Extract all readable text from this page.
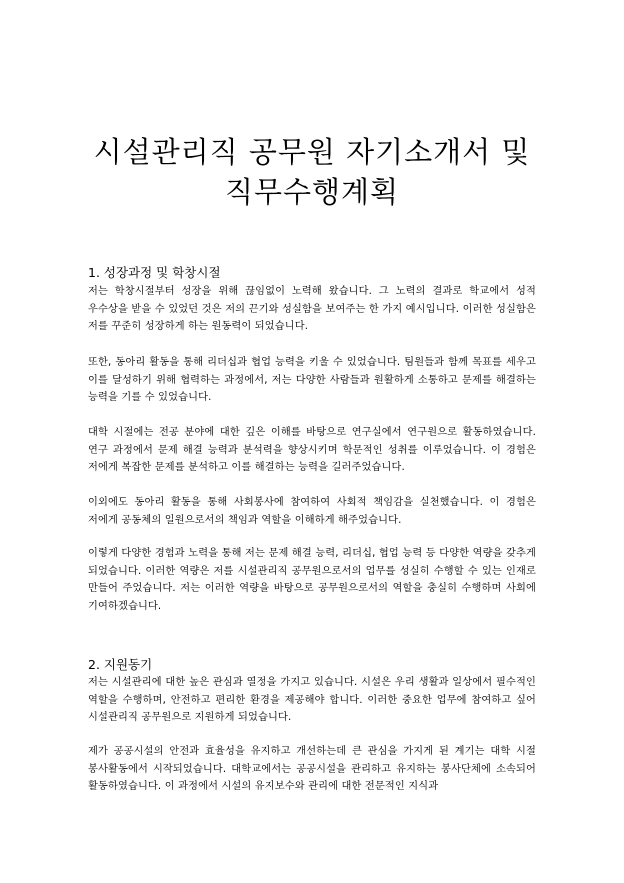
시설관리직 공무원 자기소개서 및
직무수행계획
1. 성장과정 및 학창시절

저는 학창시절부터 성장을 위해 끊임없이 노력해 왔습니다. 그 노력의 결과로 학교에서 성적 우수상을 받을 수 있었던 것은 저의 끈기와 성실함을 보여주는 한 가지 예시입니다. 이러한 성실함은 저를 꾸준히 성장하게 하는 원동력이 되었습니다.

또한, 동아리 활동을 통해 리더십과 협업 능력을 키울 수 있었습니다. 팀원들과 함께 목표를 세우고 이를 달성하기 위해 협력하는 과정에서, 저는 다양한 사람들과 원활하게 소통하고 문제를 해결하는 능력을 기를 수 있었습니다.

대학 시절에는 전공 분야에 대한 깊은 이해를 바탕으로 연구실에서 연구원으로 활동하였습니다. 연구 과정에서 문제 해결 능력과 분석력을 향상시키며 학문적인 성취를 이루었습니다. 이 경험은 저에게 복잡한 문제를 분석하고 이를 해결하는 능력을 길러주었습니다.

이외에도 동아리 활동을 통해 사회봉사에 참여하여 사회적 책임감을 실천했습니다. 이 경험은 저에게 공동체의 일원으로서의 책임과 역할을 이해하게 해주었습니다.

이렇게 다양한 경험과 노력을 통해 저는 문제 해결 능력, 리더십, 협업 능력 등 다양한 역량을 갖추게 되었습니다. 이러한 역량은 저를 시설관리직 공무원으로서의 업무를 성실히 수행할 수 있는 인재로 만들어 주었습니다. 저는 이러한 역량을 바탕으로 공무원으로서의 역할을 충실히 수행하며 사회에 기여하겠습니다.

2. 지원동기

저는 시설관리에 대한 높은 관심과 열정을 가지고 있습니다. 시설은 우리 생활과 일상에서 필수적인 역할을 수행하며, 안전하고 편리한 환경을 제공해야 합니다. 이러한 중요한 업무에 참여하고 싶어 시설관리직 공무원으로 지원하게 되었습니다.

제가 공공시설의 안전과 효율성을 유지하고 개선하는데 큰 관심을 가지게 된 계기는 대학 시절 봉사활동에서 시작되었습니다. 대학교에서는 공공시설을 관리하고 유지하는 봉사단체에 소속되어 활동하였습니다. 이 과정에서 시설의 유지보수와 관리에 대한 전문적인 지식과
